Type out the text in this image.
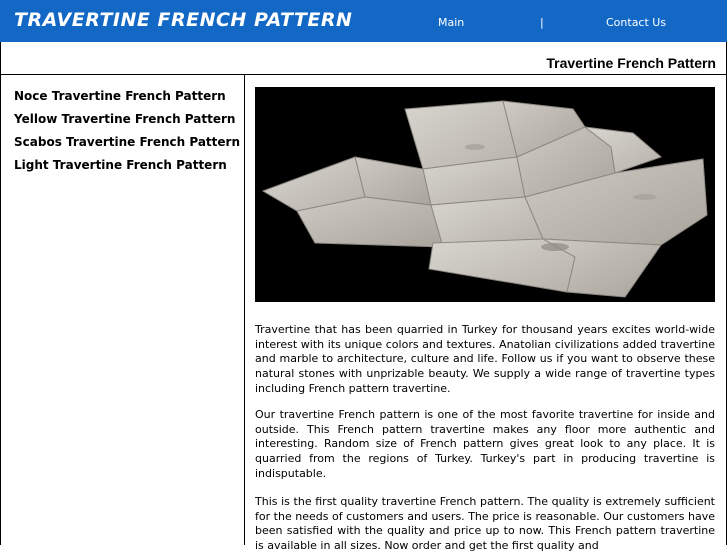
TRAVERTINE FRENCH PATTERN	Main	|	Contact Us
Travertine French Pattern
Noce Travertine French Pattern
Yellow Travertine French Pattern
Scabos Travertine French Pattern
Light Travertine French Pattern

Travertine that has been quarried in Turkey for thousand years excites world-wide interest with its unique colors and textures. Anatolian civilizations added travertine and marble to architecture, culture and life. Follow us if you want to observe these natural stones with unprizable beauty. We supply a wide range of travertine types including French pattern travertine.

Our travertine French pattern is one of the most favorite travertine for inside and outside. This French pattern travertine makes any floor more authentic and interesting. Random size of French pattern gives great look to any place. It is quarried from the regions of Turkey. Turkey's part in producing travertine is indisputable.

This is the first quality travertine French pattern. The quality is extremely sufficient for the needs of customers and users. The price is reasonable. Our customers have been satisfied with the quality and price up to now. This French pattern travertine is available in all sizes. Now order and get the first quality and
